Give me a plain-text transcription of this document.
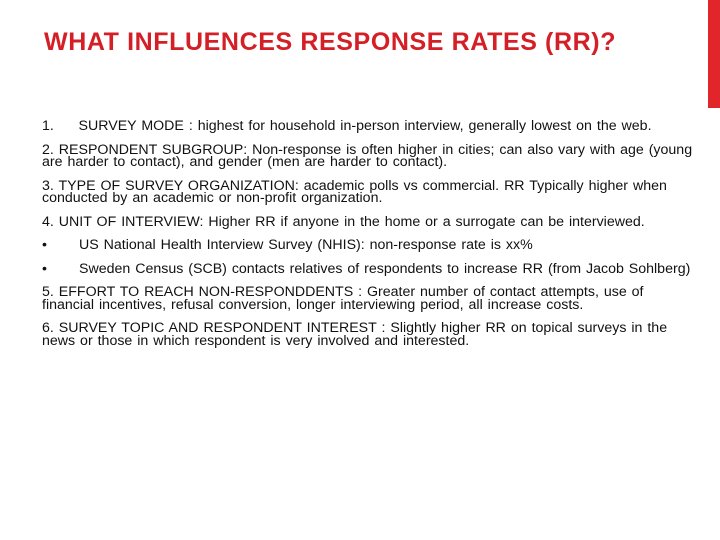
WHAT INFLUENCES RESPONSE RATES (RR)?

1.     SURVEY MODE : highest for household in-person interview, generally lowest on the web.

2. RESPONDENT SUBGROUP: Non-response is often higher in cities; can also vary with age (young are harder to contact), and gender (men are harder to contact).

3. TYPE OF SURVEY ORGANIZATION: academic polls vs commercial. RR Typically higher when conducted by an academic or non-profit organization.

4. UNIT OF INTERVIEW: Higher RR if anyone in the home or a surrogate can be interviewed.

•	US National Health Interview Survey (NHIS): non-response rate is xx%
•	Sweden Census (SCB) contacts relatives of respondents to increase RR (from Jacob Sohlberg)

5. EFFORT TO REACH NON-RESPONDDENTS : Greater number of contact attempts, use of financial incentives, refusal conversion, longer interviewing period, all increase costs.

6. SURVEY TOPIC AND RESPONDENT INTEREST : Slightly higher RR on topical surveys in the news or those in which respondent is very involved and interested.
